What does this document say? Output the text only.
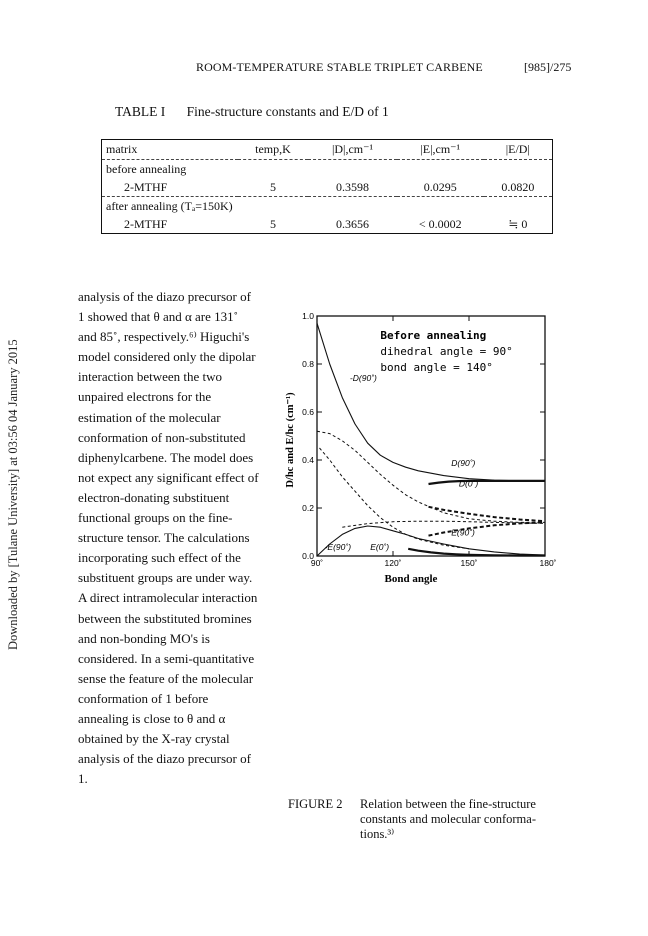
Downloaded by [Tulane University] at 03:56 04 January 2015
ROOM-TEMPERATURE STABLE TRIPLET CARBENE	[985]/275
TABLE I Fine-structure constants and E/D of 1
matrix	temp,K	|D|,cm⁻¹	|E|,cm⁻¹	|E/D|
before annealing				
2-MTHF	5	0.3598	0.0295	0.0820
after annealing (Tₐ=150K)				
2-MTHF	5	0.3656	< 0.0002	≒ 0

analysis of the diazo precursor of

1 showed that θ and α are 131˚

and 85˚, respectively.⁶⁾ Higuchi's

model considered only the dipolar

interaction between the two

unpaired electrons for the

estimation of the molecular

conformation of non-substituted

diphenylcarbene. The model does

not expect any significant effect of

electron-donating substituent

functional groups on the fine-

structure tensor. The calculations

incorporating such effect of the

substituent groups are under way.

A direct intramolecular interaction

between the substituted bromines

and non-bonding MO's is

considered. In a semi-quantitative

sense the feature of the molecular

conformation of 1 before

annealing is close to θ and α

obtained by the X-ray crystal

analysis of the diazo precursor of

1.

0.0
0.2
0.4
0.6
0.8
1.0
90˚	120˚	150˚	180˚
Bond angle
D/hc and E/hc (cm⁻¹)
-D(90˚)
D(90˚)
D(0˚)
E(90˚)
-E(90˚) E(0˚)
Before annealing
dihedral angle = 90°
bond angle = 140°
FIGURE 2 Relation between the fine-structure constants and molecular conforma-tions.³⁾
